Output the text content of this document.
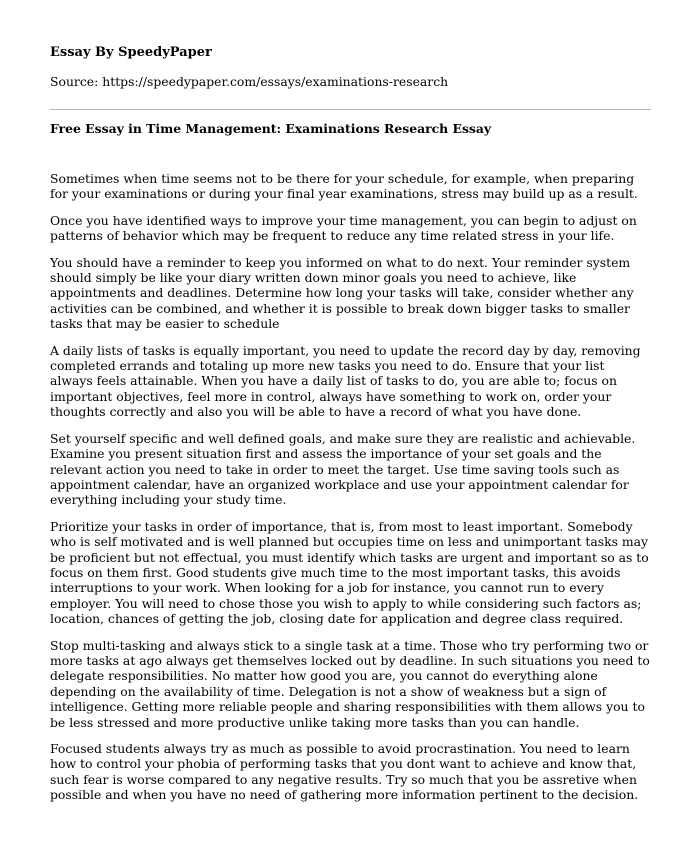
Essay By SpeedyPaper

Source: https://speedypaper.com/essays/examinations-research

Free Essay in Time Management: Examinations Research Essay

Sometimes when time seems not to be there for your schedule, for example, when preparing for your examinations or during your final year examinations, stress may build up as a result.

Once you have identified ways to improve your time management, you can begin to adjust on patterns of behavior which may be frequent to reduce any time related stress in your life.

You should have a reminder to keep you informed on what to do next. Your reminder system should simply be like your diary written down minor goals you need to achieve, like appointments and deadlines. Determine how long your tasks will take, consider whether any activities can be combined, and whether it is possible to break down bigger tasks to smaller tasks that may be easier to schedule

A daily lists of tasks is equally important, you need to update the record day by day, removing completed errands and totaling up more new tasks you need to do. Ensure that your list always feels attainable. When you have a daily list of tasks to do, you are able to; focus on important objectives, feel more in control, always have something to work on, order your thoughts correctly and also you will be able to have a record of what you have done.

Set yourself specific and well defined goals, and make sure they are realistic and achievable. Examine you present situation first and assess the importance of your set goals and the relevant action you need to take in order to meet the target. Use time saving tools such as appointment calendar, have an organized workplace and use your appointment calendar for everything including your study time.

Prioritize your tasks in order of importance, that is, from most to least important. Somebody who is self motivated and is well planned but occupies time on less and unimportant tasks may be proficient but not effectual, you must identify which tasks are urgent and important so as to focus on them first. Good students give much time to the most important tasks, this avoids interruptions to your work. When looking for a job for instance, you cannot run to every employer. You will need to chose those you wish to apply to while considering such factors as; location, chances of getting the job, closing date for application and degree class required.

Stop multi-tasking and always stick to a single task at a time. Those who try performing two or more tasks at ago always get themselves locked out by deadline. In such situations you need to delegate responsibilities. No matter how good you are, you cannot do everything alone depending on the availability of time. Delegation is not a show of weakness but a sign of intelligence. Getting more reliable people and sharing responsibilities with them allows you to be less stressed and more productive unlike taking more tasks than you can handle.

Focused students always try as much as possible to avoid procrastination. You need to learn how to control your phobia of performing tasks that you dont want to achieve and know that, such fear is worse compared to any negative results. Try so much that you be assretive when possible and when you have no need of gathering more information pertinent to the decision.
